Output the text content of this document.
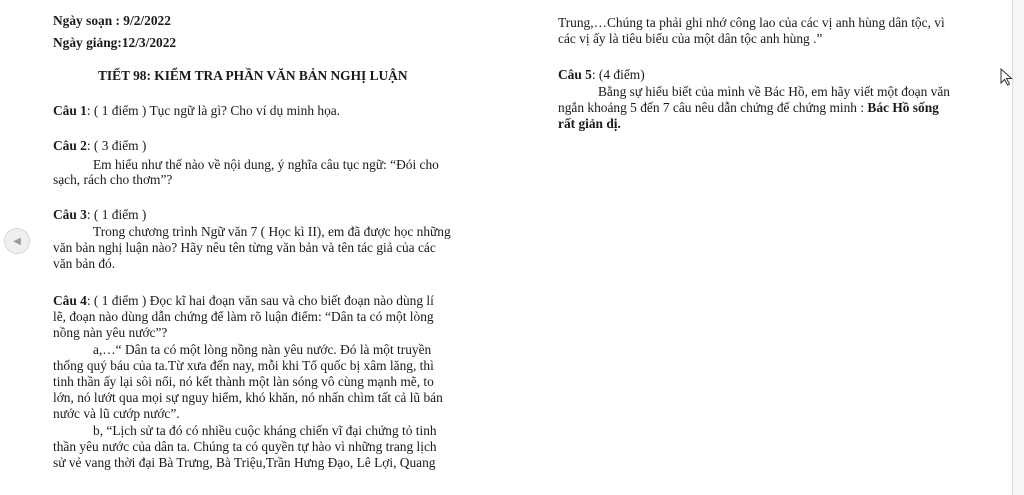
Ngày soạn : 9/2/2022
Ngày giảng:12/3/2022
TIẾT 98: KIỂM TRA PHẦN VĂN BẢN NGHỊ LUẬN
Câu 1: ( 1 điểm ) Tục ngữ là gì? Cho ví dụ minh họa.
Câu 2: ( 3 điểm )
Em hiểu như thế nào về nội dung, ý nghĩa câu tục ngữ: “Đói cho
sạch, rách cho thơm”?
Câu 3: ( 1 điểm )
Trong chương trình Ngữ văn 7 ( Học kì II), em đã được học những
văn bản nghị luận nào? Hãy nêu tên từng văn bản và tên tác giả của các
văn bản đó.
Câu 4: ( 1 điểm ) Đọc kĩ hai đoạn văn sau và cho biết đoạn nào dùng lí
lẽ, đoạn nào dùng dẫn chứng để làm rõ luận điểm: “Dân ta có một lòng
nồng nàn yêu nước”?
a,…“ Dân ta có một lòng nồng nàn yêu nước. Đó là một truyền
thống quý báu của ta.Từ xưa đến nay, mỗi khi Tổ quốc bị xâm lăng, thì
tinh thần ấy lại sôi nổi, nó kết thành một làn sóng vô cùng mạnh mẽ, to
lớn, nó lướt qua mọi sự nguy hiểm, khó khăn, nó nhấn chìm tất cả lũ bán
nước và lũ cướp nước”.
b, “Lịch sử ta đó có nhiều cuộc kháng chiến vĩ đại chứng tỏ tinh
thần yêu nước của dân ta. Chúng ta có quyền tự hào vì những trang lịch
sử vẻ vang thời đại Bà Trưng, Bà Triệu,Trần Hưng Đạo, Lê Lợi, Quang
Trung,…Chúng ta phải ghi nhớ công lao của các vị anh hùng dân tộc, vì
các vị ấy là tiêu biểu của một dân tộc anh hùng .”
Câu 5: (4 điểm)
Bằng sự hiểu biết của mình về Bác Hồ, em hãy viết một đoạn văn
ngắn khoảng 5 đến 7 câu nêu dẫn chứng để chứng minh : Bác Hồ sống
rất giản dị.
◀
